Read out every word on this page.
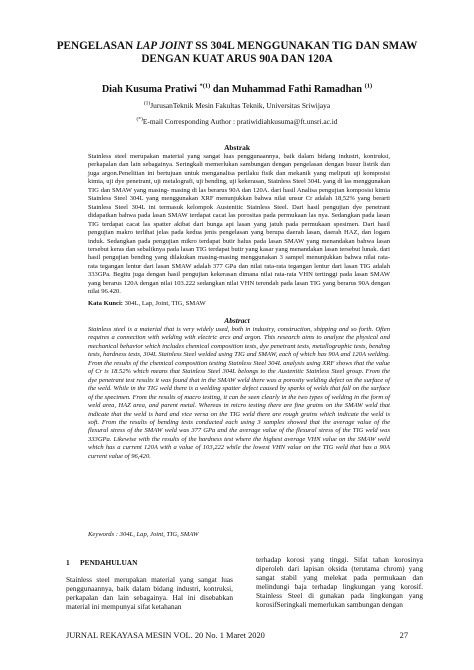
PENGELASAN LAP JOINT SS 304L MENGGUNAKAN TIG DAN SMAW
DENGAN KUAT ARUS 90A DAN 120A
Diah Kusuma Pratiwi $^{*(1)}$ dan Muhammad Fathi Ramadhan $^{(1)}$
$^{(1)}$JurusanTeknik Mesin Fakultas Teknik, Universitas Sriwijaya
(*)E-mail Corresponding Author : pratiwidiahkusuma@ft.unsri.ac.id
Abstrak
Stainless steel merupakan material yang sangat luas penggunaannya, baik dalam bidang industri, kontruksi, perkapalan dan lain sebagainya. Seringkali memerlukan sambungan dengan pengelasan dengan busur listrik dan juga argon.Penelitian ini bertujuan untuk menganalisa perilaku fisik dan mekanik yang meliputi uji komposisi kimia, uji dye penetrant, uji metalografi, uji bending, uji kekerasan, Stainless Steel 304L yang di las menggunakan TIG dan SMAW yang masing- masing di las berarus 90A dan 120A. dari hasil Analisa pengujian komposisi kimia Stainless Steel 304L yang menggunakan XRF menunjukkan bahwa nilai unsur Cr adalah 18,52% yang berarti Stainless Steel 304L ini termasuk kelompok Austenitic Stainless Steel. Dari hasil pengujian dye penetrant didapatkan bahwa pada lasan SMAW terdapat cacat las porositas pada permukaan las nya. Sedangkan pada lasan TIG terdapat cacat las spatter akibat dari bunga api lasan yang jatuh pada permukaan spesimen. Dari hasil pengujian makro terlihat jelas pada kedua jenis pengelasan yang berupa daerah lasan, daerah HAZ, dan logam induk. Sedangkan pada pengujian mikro terdapat butir halus pada lasan SMAW yang menandakan bahwa lasan tersebut keras dan sebaliknya pada lasan TIG terdapat butir yang kasar yang menandakan lasan tersebut lunak. dari hasil pengujian bending yang dilakukan masing-masing menggunakan 3 sampel menunjukkan bahwa nilai rata-rata tegangan lentur dari lasan SMAW adalah 377 GPa dan nilai rata-rata tegangan lentur dari lasan TIG adalah 333GPa. Begitu juga dengan hasil pengujian kekerasan dimana nilai rata-rata VHN tertinggi pada lasan SMAW yang berarus 120A dengan nilai 103.222 sedangkan nilai VHN terendah pada lasan TIG yang berarus 90A dengan nilai 96.420.
Kata Kunci: 304L, Lap, Joint, TIG, SMAW
Abstract
Stainless steel is a material that is very widely used, both in industry, construction, shipping and so forth. Often requires a connection with welding with electric arcs and argon. This research aims to analyze the physical and mechanical behavior which includes chemical composition tests, dye penetrant tests, metallographic tests, bending tests, hardness tests, 304L Stainless Steel welded using TIG and SMAW, each of which has 90A and 120A welding. From the results of the chemical composition testing Stainless Steel 304L analysis using XRF shows that the value of Cr is 18.52% which means that Stainless Steel 304L belongs to the Austenitic Stainless Steel group. From the dye penetrant test results it was found that in the SMAW weld there was a porosity welding defect on the surface of the weld. While in the TIG weld there is a welding spatter defect caused by sparks of welds that fall on the surface of the specimen. From the results of macro testing, it can be seen clearly in the two types of welding in the form of weld area, HAZ area, and parent metal. Whereas in micro testing there are fine grains on the SMAW weld that indicate that the weld is hard and vice versa on the TIG weld there are rough grains which indicate the weld is soft. From the results of bending tests conducted each using 3 samples showed that the average value of the flexural stress of the SMAW weld was 377 GPa and the average value of the flexural stress of the TIG weld was 333GPa. Likewise with the results of the hardness test where the highest average VHN value on the SMAW weld which has a current 120A with a value of 103,222 while the lowest VHN value on the TIG weld that has a 90A current value of 96,420.
Keywords : 304L, Lap, Joint, TIG, SMAW
1 PENDAHULUAN
Stainless steel merupakan material yang sangat luas penggunaannya, baik dalam bidang industri, kontruksi, perkapalan dan lain sebagainya. Hal ini disebabkan material ini mempunyai sifat ketahanan
terhadap korosi yang tinggi. Sifat tahan korosinya diperoleh dari lapisan oksida (terutama chrom) yang sangat stabil yang melekat pada permukaan dan melindungi baja terhadap lingkungan yang korosif. Stainless Steel di gunakan pada lingkungan yang korosifSeringkali memerlukan sambungan dengan
JURNAL REKAYASA MESIN VOL. 20 No. 1 Maret 2020	27
